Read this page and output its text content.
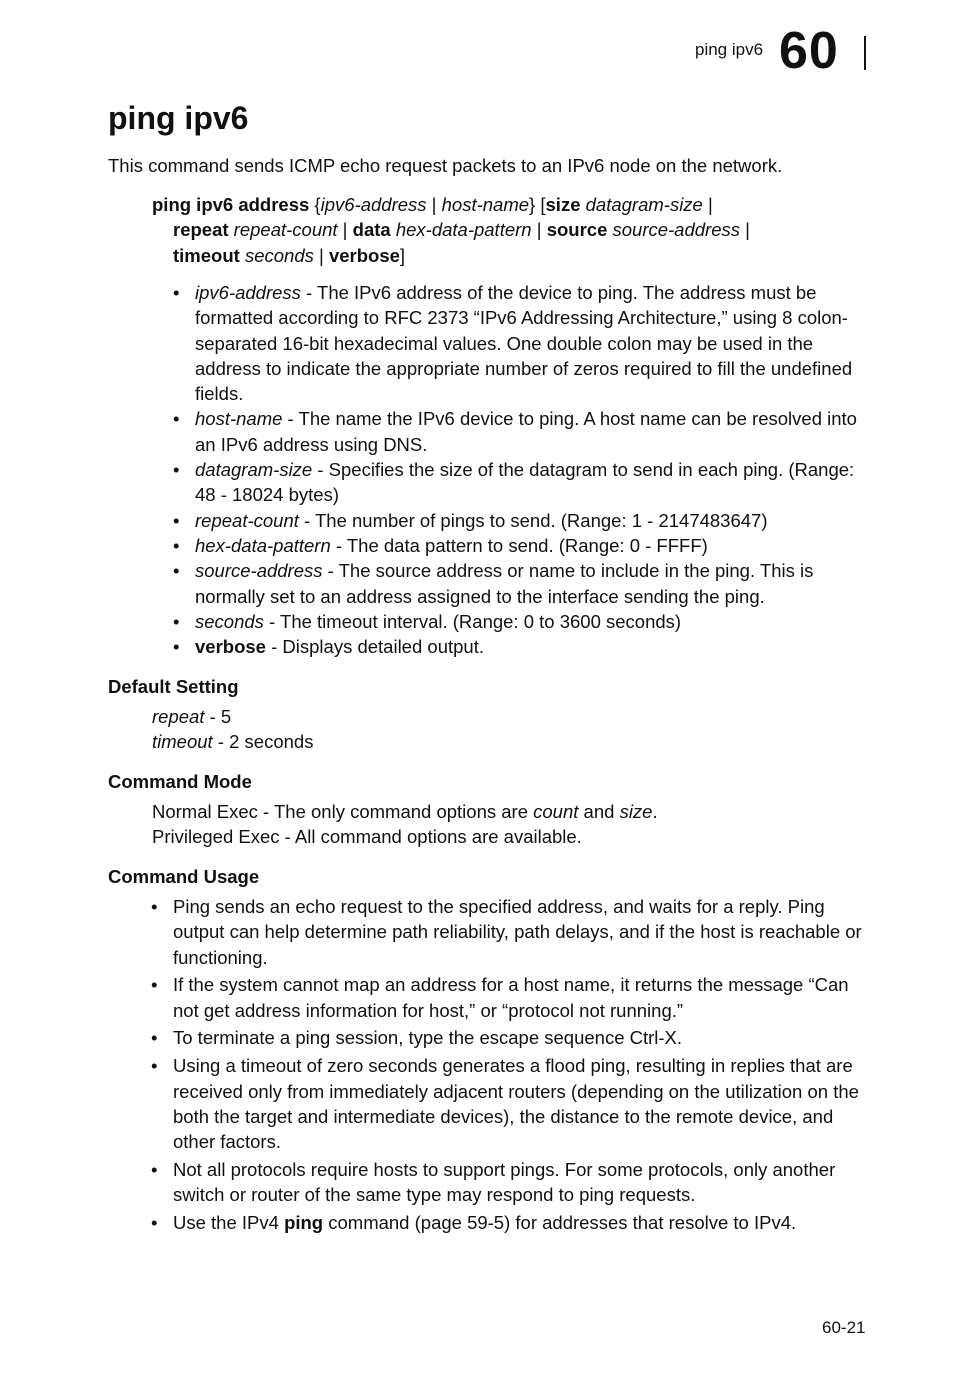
ping ipv6 60
ping ipv6
This command sends ICMP echo request packets to an IPv6 node on the network.
ping ipv6 address {ipv6-address | host-name} [size datagram-size |
repeat repeat-count | data hex-data-pattern | source source-address |
timeout seconds | verbose]
• ipv6-address - The IPv6 address of the device to ping. The address must be formatted according to RFC 2373 “IPv6 Addressing Architecture,” using 8 colon-separated 16-bit hexadecimal values. One double colon may be used in the address to indicate the appropriate number of zeros required to fill the undefined fields.
• host-name - The name the IPv6 device to ping. A host name can be resolved into an IPv6 address using DNS.
• datagram-size - Specifies the size of the datagram to send in each ping. (Range: 48 - 18024 bytes)
• repeat-count - The number of pings to send. (Range: 1 - 2147483647)
• hex-data-pattern - The data pattern to send. (Range: 0 - FFFF)
• source-address - The source address or name to include in the ping. This is normally set to an address assigned to the interface sending the ping.
• seconds - The timeout interval. (Range: 0 to 3600 seconds)
• verbose - Displays detailed output.
Default Setting
repeat - 5
timeout - 2 seconds
Command Mode
Normal Exec - The only command options are count and size.
Privileged Exec - All command options are available.
Command Usage
• Ping sends an echo request to the specified address, and waits for a reply. Ping output can help determine path reliability, path delays, and if the host is reachable or functioning.
• If the system cannot map an address for a host name, it returns the message “Can not get address information for host,” or “protocol not running.”
• To terminate a ping session, type the escape sequence Ctrl-X.
• Using a timeout of zero seconds generates a flood ping, resulting in replies that are received only from immediately adjacent routers (depending on the utilization on the both the target and intermediate devices), the distance to the remote device, and other factors.
• Not all protocols require hosts to support pings. For some protocols, only another switch or router of the same type may respond to ping requests.
• Use the IPv4 ping command (page 59-5) for addresses that resolve to IPv4.
60-21
